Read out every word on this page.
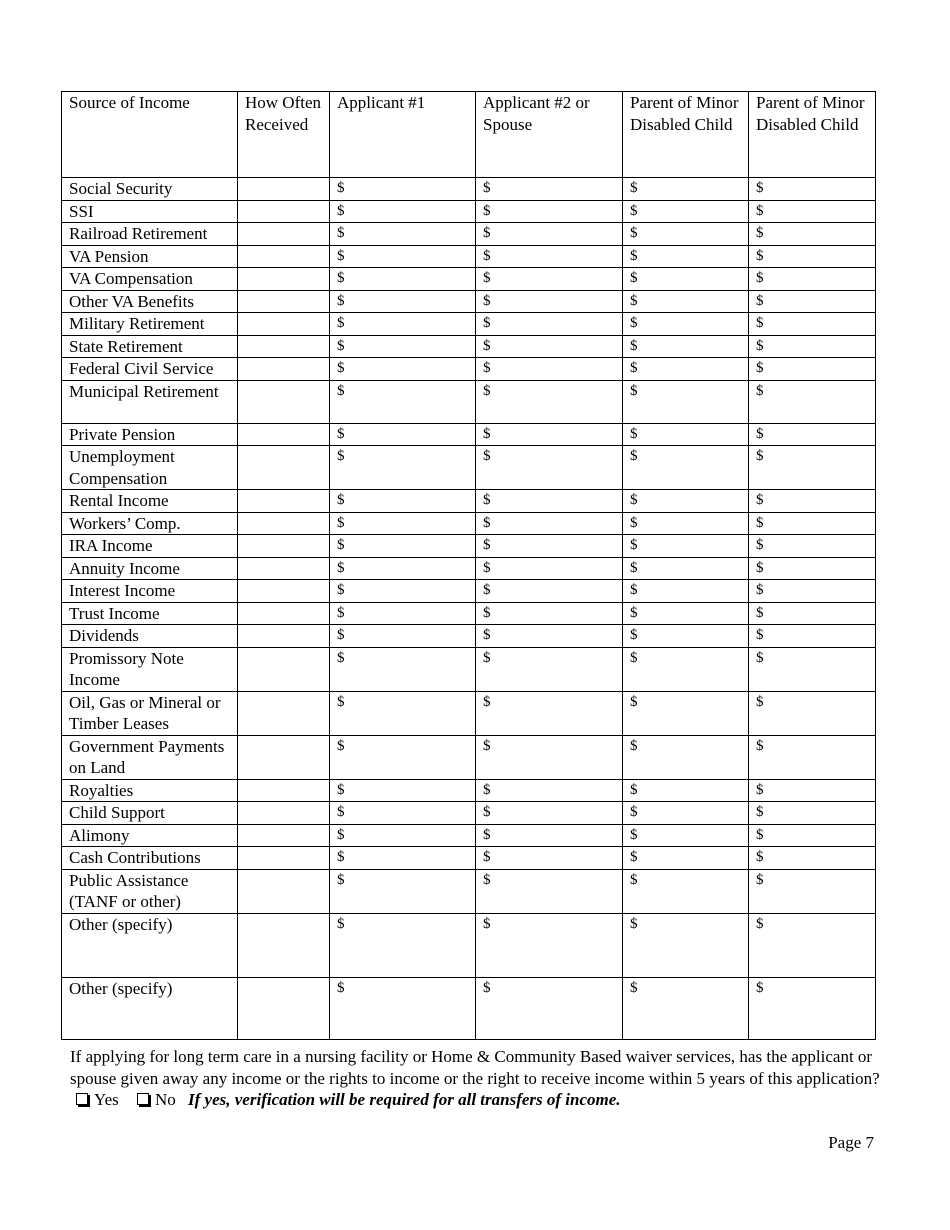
Source of Income	How Often Received	Applicant #1	Applicant #2 or Spouse	Parent of Minor Disabled Child	Parent of Minor Disabled Child
Social Security		$	$	$	$
SSI		$	$	$	$
Railroad Retirement		$	$	$	$
VA Pension		$	$	$	$
VA Compensation		$	$	$	$
Other VA Benefits		$	$	$	$
Military Retirement		$	$	$	$
State Retirement		$	$	$	$
Federal Civil Service		$	$	$	$
Municipal Retirement		$	$	$	$
Private Pension		$	$	$	$
Unemployment Compensation		$	$	$	$
Rental Income		$	$	$	$
Workers’ Comp.		$	$	$	$
IRA Income		$	$	$	$
Annuity Income		$	$	$	$
Interest Income		$	$	$	$
Trust Income		$	$	$	$
Dividends		$	$	$	$
Promissory Note Income		$	$	$	$
Oil, Gas or Mineral or Timber Leases		$	$	$	$
Government Payments on Land		$	$	$	$
Royalties		$	$	$	$
Child Support		$	$	$	$
Alimony		$	$	$	$
Cash Contributions		$	$	$	$
Public Assistance (TANF or other)		$	$	$	$
Other (specify)		$	$	$	$
Other (specify)		$	$	$	$
If applying for long term care in a nursing facility or Home & Community Based waiver services, has the applicant or spouse given away any income or the rights to income or the right to receive income within 5 years of this application? Yes No If yes, verification will be required for all transfers of income.
Page 7
